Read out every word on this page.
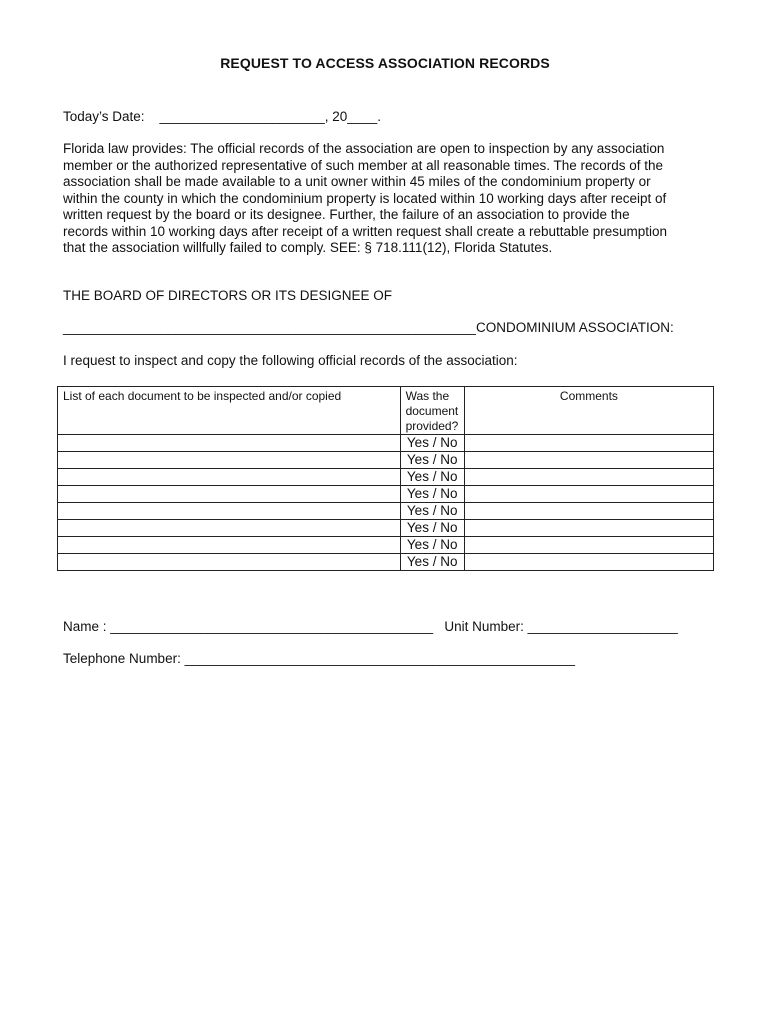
REQUEST TO ACCESS ASSOCIATION RECORDS
Today’s Date:    ______________________, 20____.
Florida law provides: The official records of the association are open to inspection by any association
member or the authorized representative of such member at all reasonable times. The records of the
association shall be made available to a unit owner within 45 miles of the condominium property or
within the county in which the condominium property is located within 10 working days after receipt of
written request by the board or its designee. Further, the failure of an association to provide the
records within 10 working days after receipt of a written request shall create a rebuttable presumption
that the association willfully failed to comply. SEE: § 718.111(12), Florida Statutes.
THE BOARD OF DIRECTORS OR ITS DESIGNEE OF
_______________________________________________________CONDOMINIUM ASSOCIATION:
I request to inspect and copy the following official records of the association:
List of each document to be inspected and/or copied	Was the document provided?	Comments
	Yes / No	
	Yes / No	
	Yes / No	
	Yes / No	
	Yes / No	
	Yes / No	
	Yes / No	
	Yes / No	
Name : ___________________________________________   Unit Number: ____________________
Telephone Number: ____________________________________________________
